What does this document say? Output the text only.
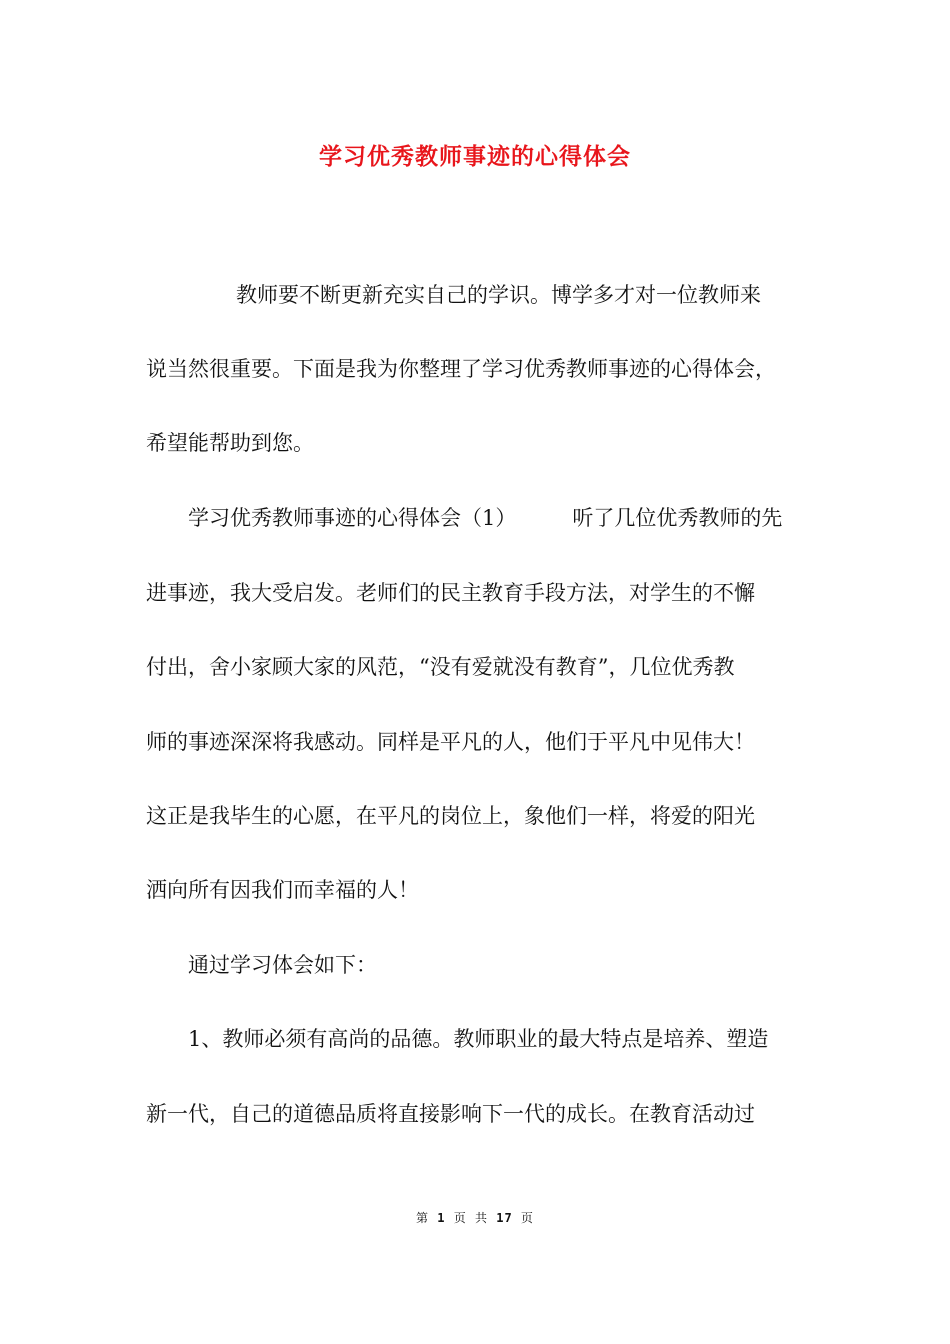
学习优秀教师事迹的心得体会

教师要不断更新充实自己的学识。博学多才对一位教师来

说当然很重要。下面是我为你整理了学习优秀教师事迹的心得体会，

希望能帮助到您。

学习优秀教师事迹的心得体会（1）	听了几位优秀教师的先

进事迹，我大受启发。老师们的民主教育手段方法，对学生的不懈

付出，舍小家顾大家的风范，“没有爱就没有教育”，几位优秀教

师的事迹深深将我感动。同样是平凡的人，他们于平凡中见伟大！

这正是我毕生的心愿，在平凡的岗位上，象他们一样，将爱的阳光

洒向所有因我们而幸福的人！

通过学习体会如下：

1、教师必须有高尚的品德。教师职业的最大特点是培养、塑造

新一代，自己的道德品质将直接影响下一代的成长。在教育活动过

第 1 页 共 17 页
